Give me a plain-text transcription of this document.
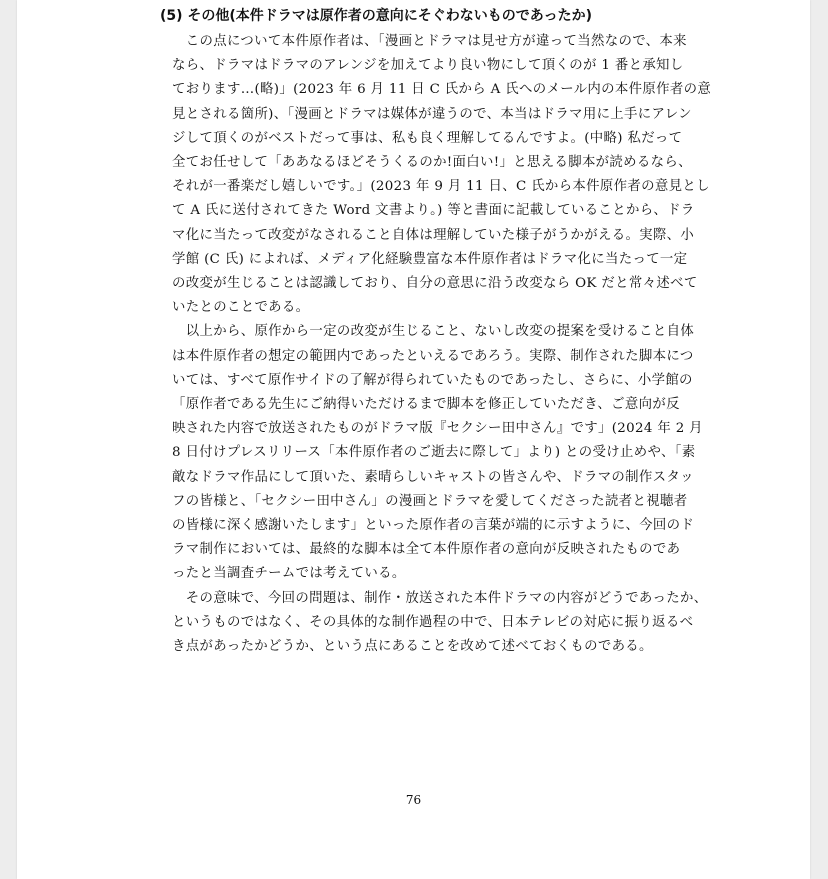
(5) その他(本件ドラマは原作者の意向にそぐわないものであったか)
　この点について本件原作者は、「漫画とドラマは見せ方が違って当然なので、本来
なら、ドラマはドラマのアレンジを加えてより良い物にして頂くのが 1 番と承知し
ております…(略)」(2023 年 6 月 11 日 C 氏から A 氏へのメール内の本件原作者の意
見とされる箇所)、「漫画とドラマは媒体が違うので、本当はドラマ用に上手にアレン
ジして頂くのがベストだって事は、私も良く理解してるんですよ。(中略) 私だって
全てお任せして「ああなるほどそうくるのか!面白い!」と思える脚本が読めるなら、
それが一番楽だし嬉しいです。」(2023 年 9 月 11 日、C 氏から本件原作者の意見とし
て A 氏に送付されてきた Word 文書より。) 等と書面に記載していることから、ドラ
マ化に当たって改変がなされること自体は理解していた様子がうかがえる。実際、小
学館 (C 氏) によれば、メディア化経験豊富な本件原作者はドラマ化に当たって一定
の改変が生じることは認識しており、自分の意思に沿う改変なら OK だと常々述べて
いたとのことである。
　以上から、原作から一定の改変が生じること、ないし改変の提案を受けること自体
は本件原作者の想定の範囲内であったといえるであろう。実際、制作された脚本につ
いては、すべて原作サイドの了解が得られていたものであったし、さらに、小学館の
「原作者である先生にご納得いただけるまで脚本を修正していただき、ご意向が反
映された内容で放送されたものがドラマ版『セクシー田中さん』です」(2024 年 2 月
8 日付けプレスリリース「本件原作者のご逝去に際して」より) との受け止めや、「素
敵なドラマ作品にして頂いた、素晴らしいキャストの皆さんや、ドラマの制作スタッ
フの皆様と、「セクシー田中さん」の漫画とドラマを愛してくださった読者と視聴者
の皆様に深く感謝いたします」といった原作者の言葉が端的に示すように、今回のド
ラマ制作においては、最終的な脚本は全て本件原作者の意向が反映されたものであ
ったと当調査チームでは考えている。
　その意味で、今回の問題は、制作・放送された本件ドラマの内容がどうであったか、
というものではなく、その具体的な制作過程の中で、日本テレビの対応に振り返るべ
き点があったかどうか、という点にあることを改めて述べておくものである。
76
